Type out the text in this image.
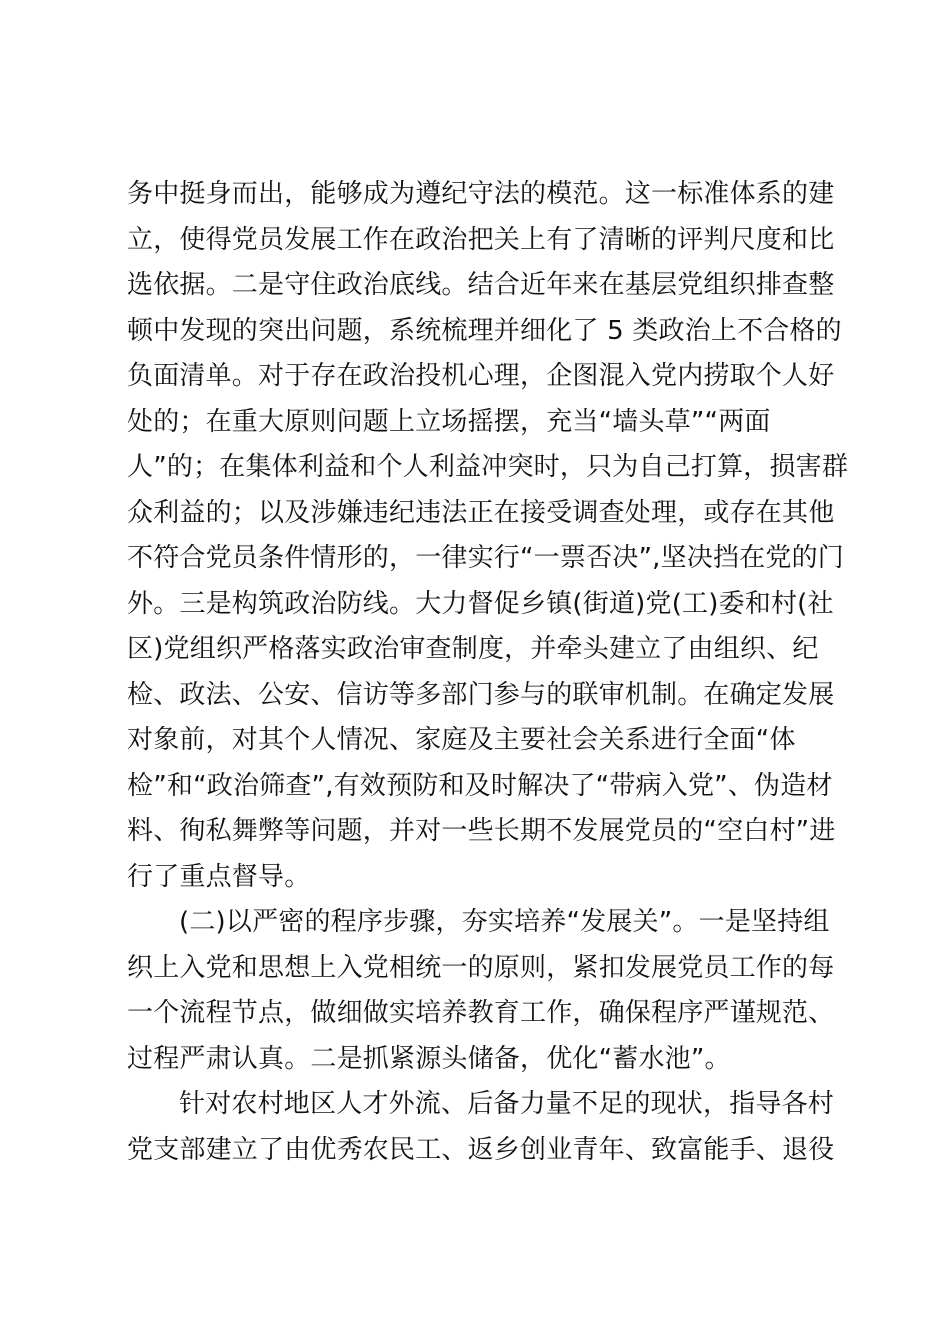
务中挺身而出，能够成为遵纪守法的模范。这一标准体系的建
立，使得党员发展工作在政治把关上有了清晰的评判尺度和比
选依据。二是守住政治底线。结合近年来在基层党组织排查整
顿中发现的突出问题，系统梳理并细化了 5 类政治上不合格的
负面清单。对于存在政治投机心理，企图混入党内捞取个人好
处的；在重大原则问题上立场摇摆，充当“墙头草”“两面
人”的；在集体利益和个人利益冲突时，只为自己打算，损害群
众利益的；以及涉嫌违纪违法正在接受调查处理，或存在其他
不符合党员条件情形的，一律实行“一票否决”,坚决挡在党的门
外。三是构筑政治防线。大力督促乡镇(街道)党(工)委和村(社
区)党组织严格落实政治审查制度，并牵头建立了由组织、纪
检、政法、公安、信访等多部门参与的联审机制。在确定发展
对象前，对其个人情况、家庭及主要社会关系进行全面“体
检”和“政治筛查”,有效预防和及时解决了“带病入党”、伪造材
料、徇私舞弊等问题，并对一些长期不发展党员的“空白村”进
行了重点督导。

(二)以严密的程序步骤，夯实培养“发展关”。一是坚持组
织上入党和思想上入党相统一的原则，紧扣发展党员工作的每
一个流程节点，做细做实培养教育工作，确保程序严谨规范、
过程严肃认真。二是抓紧源头储备，优化“蓄水池”。

针对农村地区人才外流、后备力量不足的现状，指导各村
党支部建立了由优秀农民工、返乡创业青年、致富能手、退役
